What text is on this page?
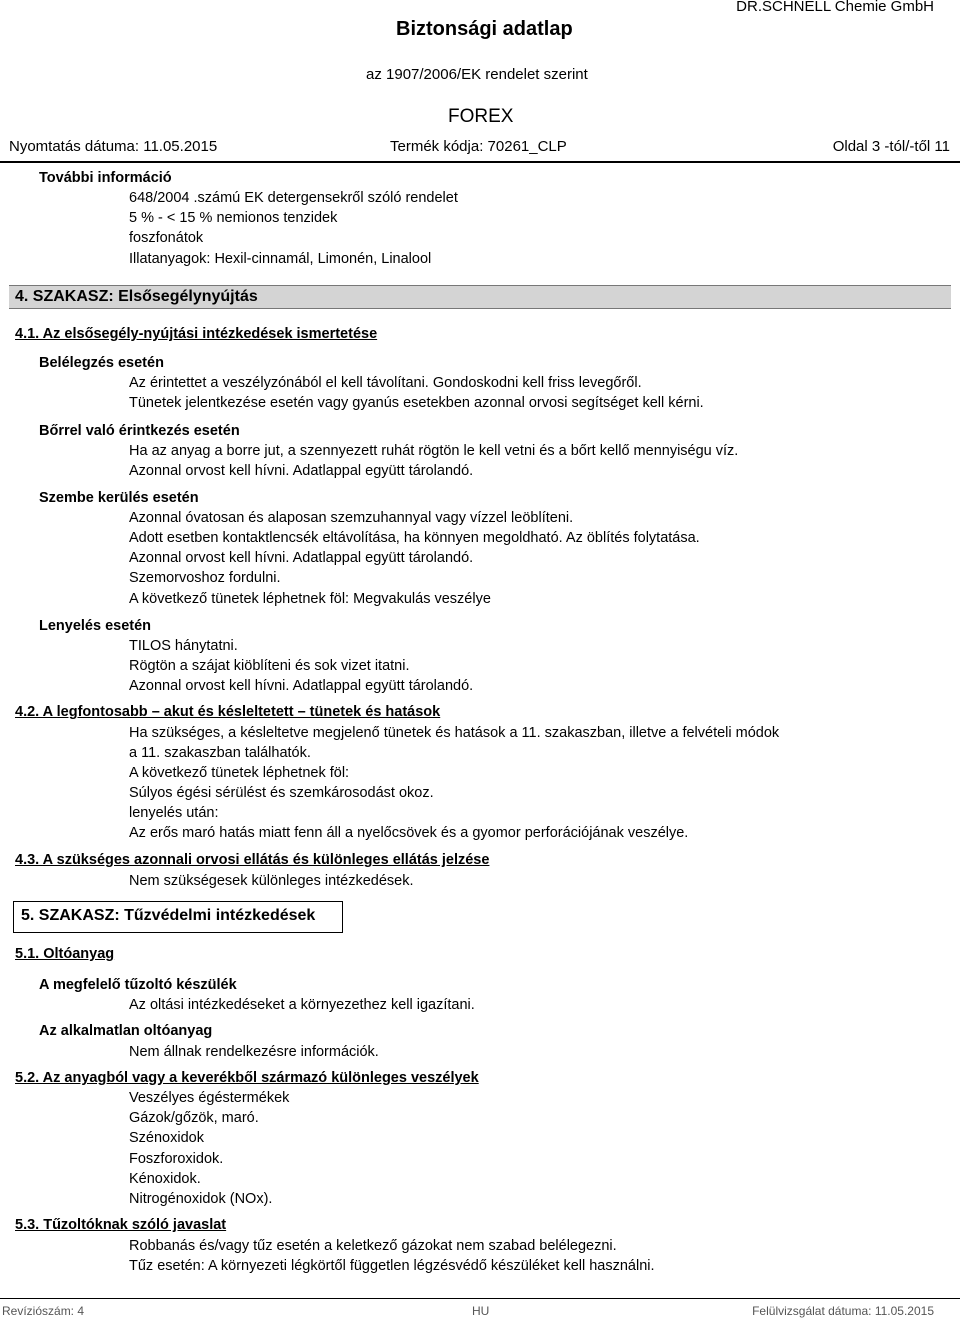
DR.SCHNELL Chemie GmbH
Biztonsági adatlap
az 1907/2006/EK rendelet szerint
FOREX
Nyomtatás dátuma: 11.05.2015	Termék kódja: 70261_CLP	Oldal 3 -tól/-től 11
További információ
648/2004 .számú EK detergensekről szóló rendelet
5 % - < 15 % nemionos tenzidek
foszfonátok
Illatanyagok: Hexil-cinnamál, Limonén, Linalool
4. SZAKASZ: Elsősegélynyújtás
4.1. Az elsősegély-nyújtási intézkedések ismertetése
Belélegzés esetén
Az érintettet a veszélyzónából el kell távolítani. Gondoskodni kell friss levegőről.
Tünetek jelentkezése esetén vagy gyanús esetekben azonnal orvosi segítséget kell kérni.
Bőrrel való érintkezés esetén
Ha az anyag a borre jut, a szennyezett ruhát rögtön le kell vetni és a bőrt kellő mennyiségu víz.
Azonnal orvost kell hívni. Adatlappal együtt tárolandó.
Szembe kerülés esetén
Azonnal óvatosan és alaposan szemzuhannyal vagy vízzel leöblíteni.
Adott esetben kontaktlencsék eltávolítása, ha könnyen megoldható. Az öblítés folytatása.
Azonnal orvost kell hívni. Adatlappal együtt tárolandó.
Szemorvoshoz fordulni.
A következő tünetek léphetnek föl: Megvakulás veszélye
Lenyelés esetén
TILOS hánytatni.
Rögtön a szájat kiöblíteni és sok vizet itatni.
Azonnal orvost kell hívni. Adatlappal együtt tárolandó.
4.2. A legfontosabb – akut és késleltetett – tünetek és hatások
Ha szükséges, a késleltetve megjelenő tünetek és hatások a 11. szakaszban, illetve a felvételi módok
a 11. szakaszban találhatók.
A következő tünetek léphetnek föl:
Súlyos égési sérülést és szemkárosodást okoz.
lenyelés után:
Az erős maró hatás miatt fenn áll a nyelőcsövek és a gyomor perforációjának veszélye.
4.3. A szükséges azonnali orvosi ellátás és különleges ellátás jelzése
Nem szükségesek különleges intézkedések.
5. SZAKASZ: Tűzvédelmi intézkedések
5.1. Oltóanyag
A megfelelő tűzoltó készülék
Az oltási intézkedéseket a környezethez kell igazítani.
Az alkalmatlan oltóanyag
Nem állnak rendelkezésre információk.
5.2. Az anyagból vagy a keverékből származó különleges veszélyek
Veszélyes égéstermékek
Gázok/gőzök, maró.
Szénoxidok
Foszforoxidok.
Kénoxidok.
Nitrogénoxidok (NOx).
5.3. Tűzoltóknak szóló javaslat
Robbanás és/vagy tűz esetén a keletkező gázokat nem szabad belélegezni.
Tűz esetén: A környezeti légkörtől független légzésvédő készüléket kell használni.
Revíziószám: 4	HU	Felülvizsgálat dátuma: 11.05.2015
